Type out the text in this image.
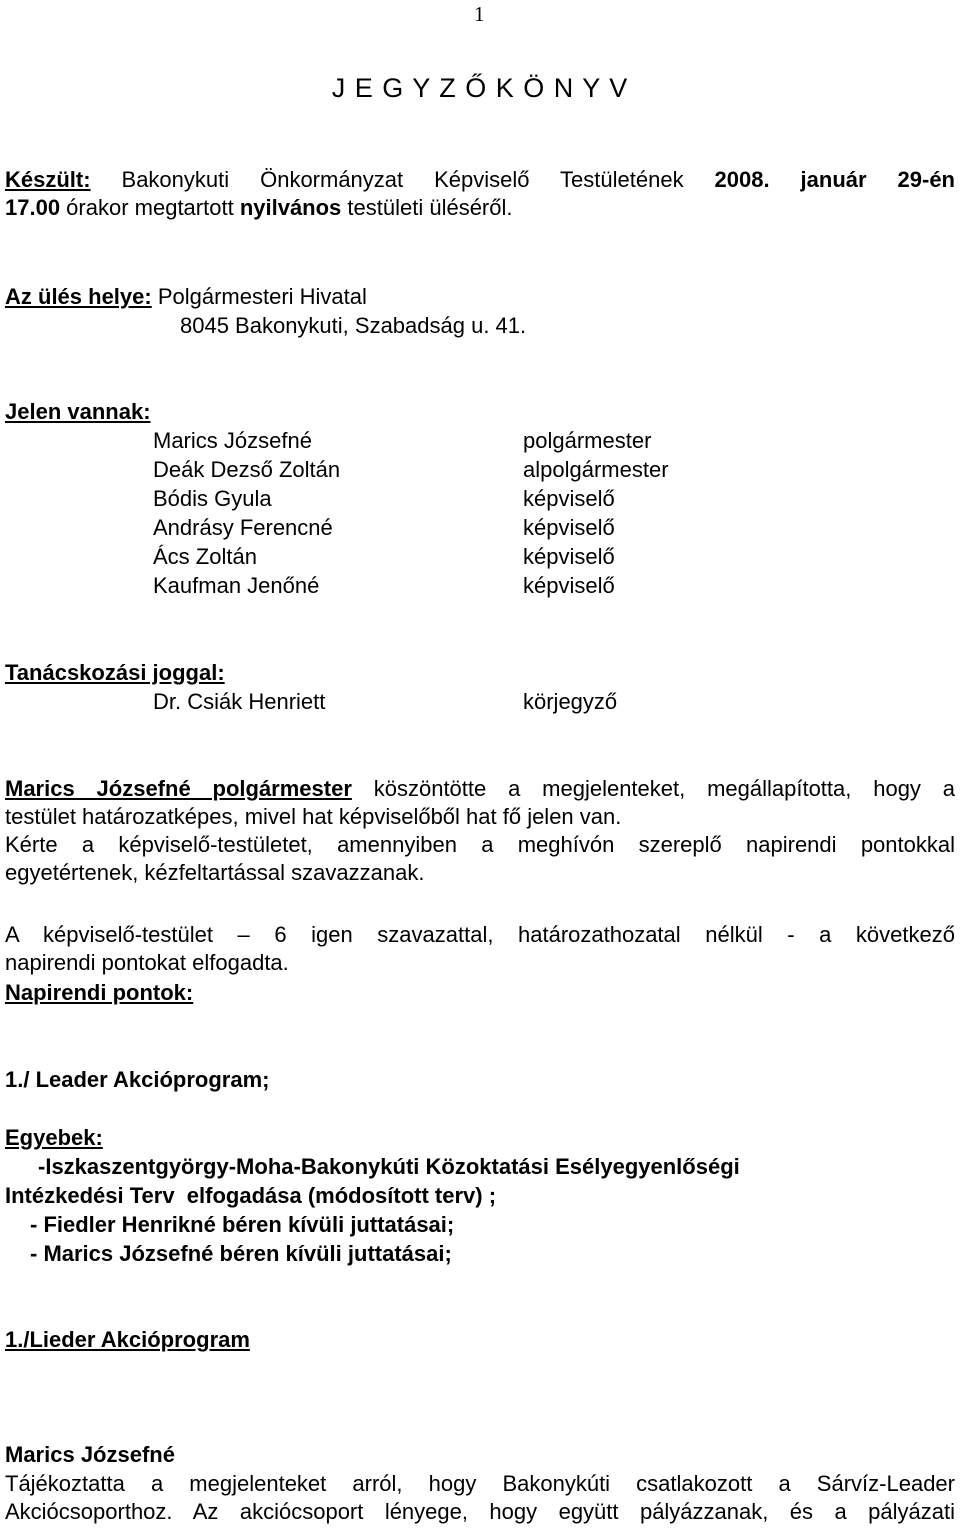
1
J E G Y Z Ő K Ö N Y V
Készült: Bakonykuti Önkormányzat Képviselő Testületének 2008. január 29-én
17.00 órakor megtartott nyilvános testületi üléséről.
Az ülés helye: Polgármesteri Hivatal
8045 Bakonykuti, Szabadság u. 41.
Jelen vannak:
Marics Józsefné	polgármester
Deák Dezső Zoltán	alpolgármester
Bódis Gyula	képviselő
Andrásy Ferencné	képviselő
Ács Zoltán	képviselő
Kaufman Jenőné	képviselő
Tanácskozási joggal:
Dr. Csiák Henriett	körjegyző
Marics Józsefné polgármester köszöntötte a megjelenteket, megállapította, hogy a
testület határozatképes, mivel hat képviselőből hat fő jelen van.
Kérte a képviselő-testületet, amennyiben a meghívón szereplő napirendi pontokkal
egyetértenek, kézfeltartással szavazzanak.
A képviselő-testület – 6 igen szavazattal, határozathozatal nélkül - a következő
napirendi pontokat elfogadta.
Napirendi pontok:
1./ Leader Akcióprogram;
Egyebek:
-Iszkaszentgyörgy-Moha-Bakonykúti Közoktatási Esélyegyenlőségi
Intézkedési Terv  elfogadása (módosított terv) ;
- Fiedler Henrikné béren kívüli juttatásai;
- Marics Józsefné béren kívüli juttatásai;
1./Lieder Akcióprogram
Marics Józsefné
Tájékoztatta a megjelenteket arról, hogy Bakonykúti csatlakozott a Sárvíz-Leader
Akciócsoporthoz. Az akciócsoport lényege, hogy együtt pályázzanak, és a pályázati
